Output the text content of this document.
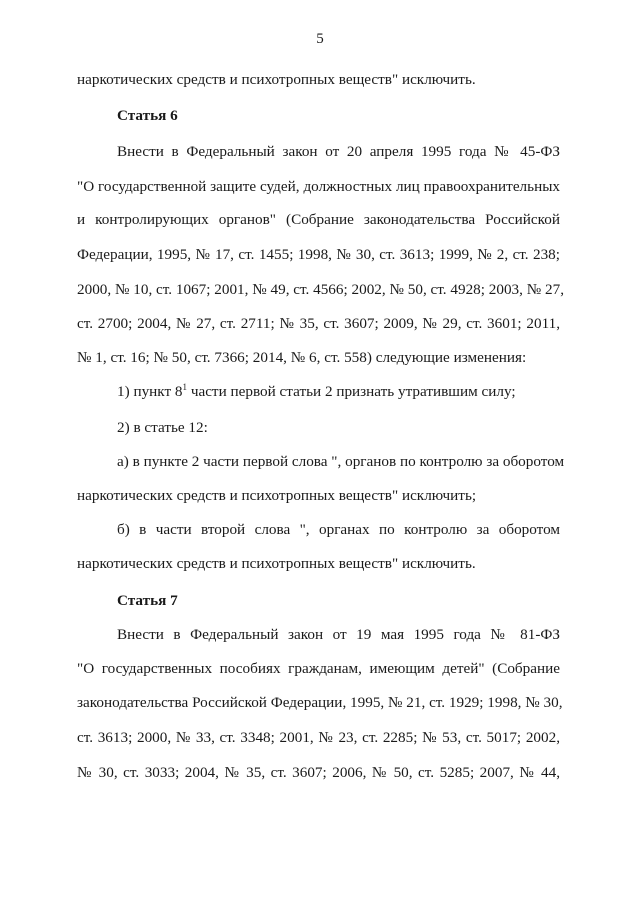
5
наркотических средств и психотропных веществ" исключить.
Статья 6
Внести в Федеральный закон от 20 апреля 1995 года № 45-ФЗ
"О государственной защите судей, должностных лиц правоохранительных
и контролирующих органов" (Собрание законодательства Российской
Федерации, 1995, № 17, ст. 1455; 1998, № 30, ст. 3613; 1999, № 2, ст. 238;
2000, № 10, ст. 1067; 2001, № 49, ст. 4566; 2002, № 50, ст. 4928; 2003, № 27,
ст. 2700; 2004, № 27, ст. 2711; № 35, ст. 3607; 2009, № 29, ст. 3601; 2011,
№ 1, ст. 16; № 50, ст. 7366; 2014, № 6, ст. 558) следующие изменения:
1) пункт $8^1$ части первой статьи 2 признать утратившим силу;
2) в статье 12:
а) в пункте 2 части первой слова ", органов по контролю за оборотом
наркотических средств и психотропных веществ" исключить;
б) в части второй слова ", органах по контролю за оборотом
наркотических средств и психотропных веществ" исключить.
Статья 7
Внести в Федеральный закон от 19 мая 1995 года № 81-ФЗ
"О государственных пособиях гражданам, имеющим детей" (Собрание
законодательства Российской Федерации, 1995, № 21, ст. 1929; 1998, № 30,
ст. 3613; 2000, № 33, ст. 3348; 2001, № 23, ст. 2285; № 53, ст. 5017; 2002,
№ 30, ст. 3033; 2004, № 35, ст. 3607; 2006, № 50, ст. 5285; 2007, № 44,
